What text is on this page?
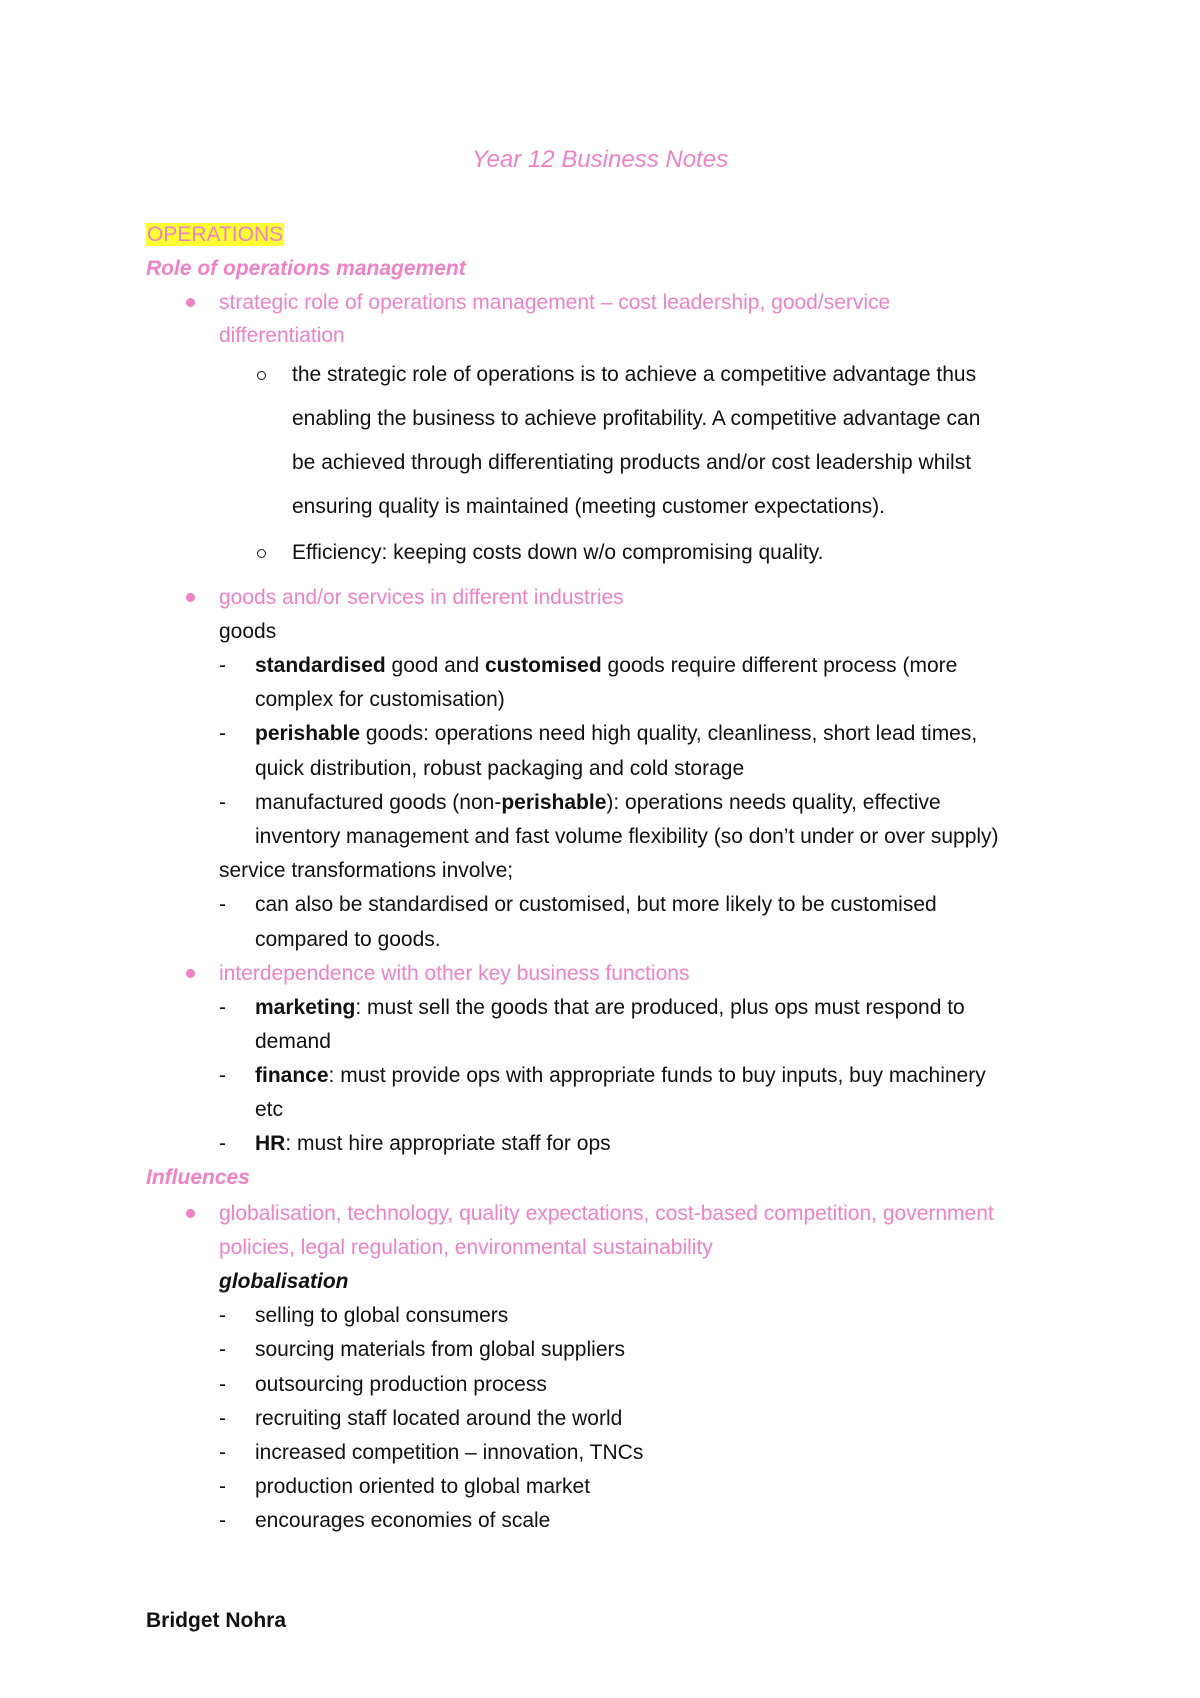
Year 12 Business Notes
OPERATIONS
Role of operations management
strategic role of operations management – cost leadership, good/service
differentiation
the strategic role of operations is to achieve a competitive advantage thus
enabling the business to achieve profitability. A competitive advantage can
be achieved through differentiating products and/or cost leadership whilst
ensuring quality is maintained (meeting customer expectations).
Efficiency: keeping costs down w/o compromising quality.
goods and/or services in different industries
goods
- standardised good and customised goods require different process (more
complex for customisation)
- perishable goods: operations need high quality, cleanliness, short lead times,
quick distribution, robust packaging and cold storage
- manufactured goods (non-perishable): operations needs quality, effective
inventory management and fast volume flexibility (so don’t under or over supply)
service transformations involve;
- can also be standardised or customised, but more likely to be customised
compared to goods.
interdependence with other key business functions
- marketing: must sell the goods that are produced, plus ops must respond to
demand
- finance: must provide ops with appropriate funds to buy inputs, buy machinery
etc
- HR: must hire appropriate staff for ops
Influences
globalisation, technology, quality expectations, cost-based competition, government
policies, legal regulation, environmental sustainability
globalisation
- selling to global consumers
- sourcing materials from global suppliers
- outsourcing production process
- recruiting staff located around the world
- increased competition – innovation, TNCs
- production oriented to global market
- encourages economies of scale
Bridget Nohra
